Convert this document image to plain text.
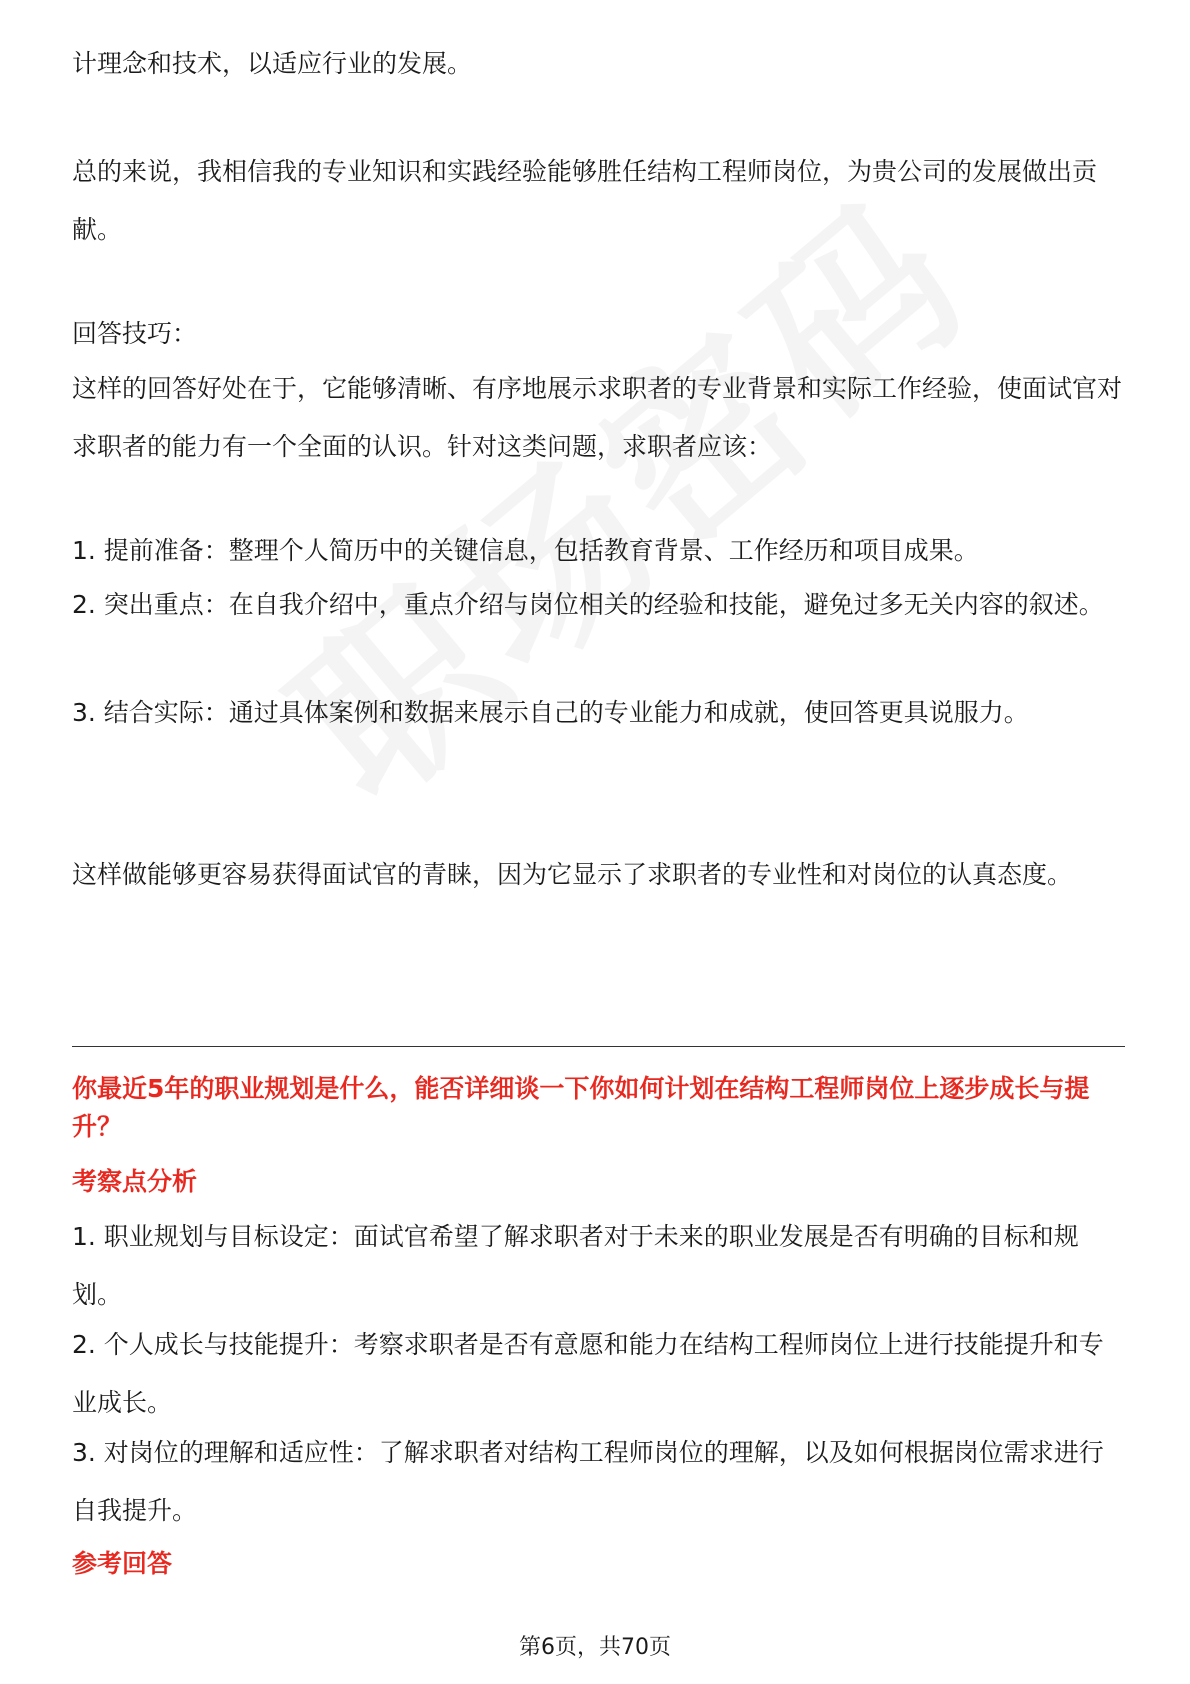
计理念和技术，以适应行业的发展。

总的来说，我相信我的专业知识和实践经验能够胜任结构工程师岗位，为贵公司的发展做出贡献。

回答技巧：

这样的回答好处在于，它能够清晰、有序地展示求职者的专业背景和实际工作经验，使面试官对求职者的能力有一个全面的认识。针对这类问题，求职者应该：

1. 提前准备：整理个人简历中的关键信息，包括教育背景、工作经历和项目成果。

2. 突出重点：在自我介绍中，重点介绍与岗位相关的经验和技能，避免过多无关内容的叙述。

3. 结合实际：通过具体案例和数据来展示自己的专业能力和成就，使回答更具说服力。

这样做能够更容易获得面试官的青睐，因为它显示了求职者的专业性和对岗位的认真态度。

你最近5年的职业规划是什么，能否详细谈一下你如何计划在结构工程师岗位上逐步成长与提升？

考察点分析

1. 职业规划与目标设定：面试官希望了解求职者对于未来的职业发展是否有明确的目标和规划。

2. 个人成长与技能提升：考察求职者是否有意愿和能力在结构工程师岗位上进行技能提升和专业成长。

3. 对岗位的理解和适应性：了解求职者对结构工程师岗位的理解，以及如何根据岗位需求进行自我提升。

参考回答

第6页，共70页
